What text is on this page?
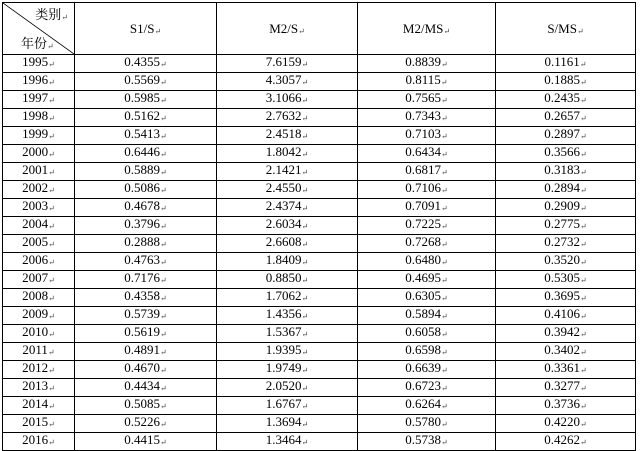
类别↵
年份↵	S1/S↵	M2/S↵	M2/MS↵	S/MS↵
1995↵	0.4355↵	7.6159↵	0.8839↵	0.1161↵
1996↵	0.5569↵	4.3057↵	0.8115↵	0.1885↵
1997↵	0.5985↵	3.1066↵	0.7565↵	0.2435↵
1998↵	0.5162↵	2.7632↵	0.7343↵	0.2657↵
1999↵	0.5413↵	2.4518↵	0.7103↵	0.2897↵
2000↵	0.6446↵	1.8042↵	0.6434↵	0.3566↵
2001↵	0.5889↵	2.1421↵	0.6817↵	0.3183↵
2002↵	0.5086↵	2.4550↵	0.7106↵	0.2894↵
2003↵	0.4678↵	2.4374↵	0.7091↵	0.2909↵
2004↵	0.3796↵	2.6034↵	0.7225↵	0.2775↵
2005↵	0.2888↵	2.6608↵	0.7268↵	0.2732↵
2006↵	0.4763↵	1.8409↵	0.6480↵	0.3520↵
2007↵	0.7176↵	0.8850↵	0.4695↵	0.5305↵
2008↵	0.4358↵	1.7062↵	0.6305↵	0.3695↵
2009↵	0.5739↵	1.4356↵	0.5894↵	0.4106↵
2010↵	0.5619↵	1.5367↵	0.6058↵	0.3942↵
2011↵	0.4891↵	1.9395↵	0.6598↵	0.3402↵
2012↵	0.4670↵	1.9749↵	0.6639↵	0.3361↵
2013↵	0.4434↵	2.0520↵	0.6723↵	0.3277↵
2014↵	0.5085↵	1.6767↵	0.6264↵	0.3736↵
2015↵	0.5226↵	1.3694↵	0.5780↵	0.4220↵
2016↵	0.4415↵	1.3464↵	0.5738↵	0.4262↵
